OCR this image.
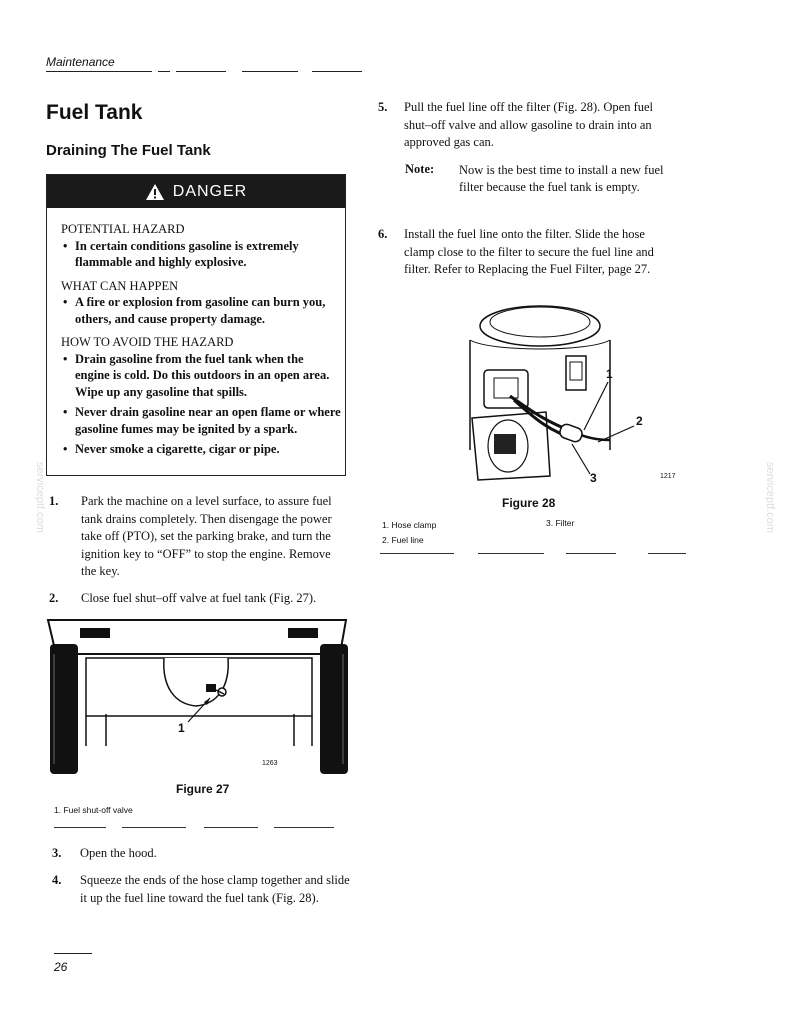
Maintenance
Fuel Tank
Draining The Fuel Tank
DANGER

POTENTIAL HAZARD

• In certain conditions gasoline is extremely flammable and highly explosive.

WHAT CAN HAPPEN

• A fire or explosion from gasoline can burn you, others, and cause property damage.

HOW TO AVOID THE HAZARD

• Drain gasoline from the fuel tank when the engine is cold. Do this outdoors in an open area. Wipe up any gasoline that spills.

• Never drain gasoline near an open flame or where gasoline fumes may be ignited by a spark.

• Never smoke a cigarette, cigar or pipe.

1. Park the machine on a level surface, to assure fuel tank drains completely. Then disengage the power take off (PTO), set the parking brake, and turn the ignition key to “OFF” to stop the engine. Remove the key.
2. Close fuel shut–off valve at fuel tank (Fig. 27).
1
1263
Figure 27
1. Fuel shut-off valve
3. Open the hood.
4. Squeeze the ends of the hose clamp together and slide it up the fuel line toward the fuel tank (Fig. 28).
26
5. Pull the fuel line off the filter (Fig. 28). Open fuel shut–off valve and allow gasoline to drain into an approved gas can.
Note: Now is the best time to install a new fuel filter because the fuel tank is empty.
6. Install the fuel line onto the filter. Slide the hose clamp close to the filter to secure the fuel line and filter. Refer to Replacing the Fuel Filter, page 27.
1
2
3	1217
Figure 28
1. Hose clamp
2. Fuel line
3. Filter
serviceptf.com	serviceptf.com
